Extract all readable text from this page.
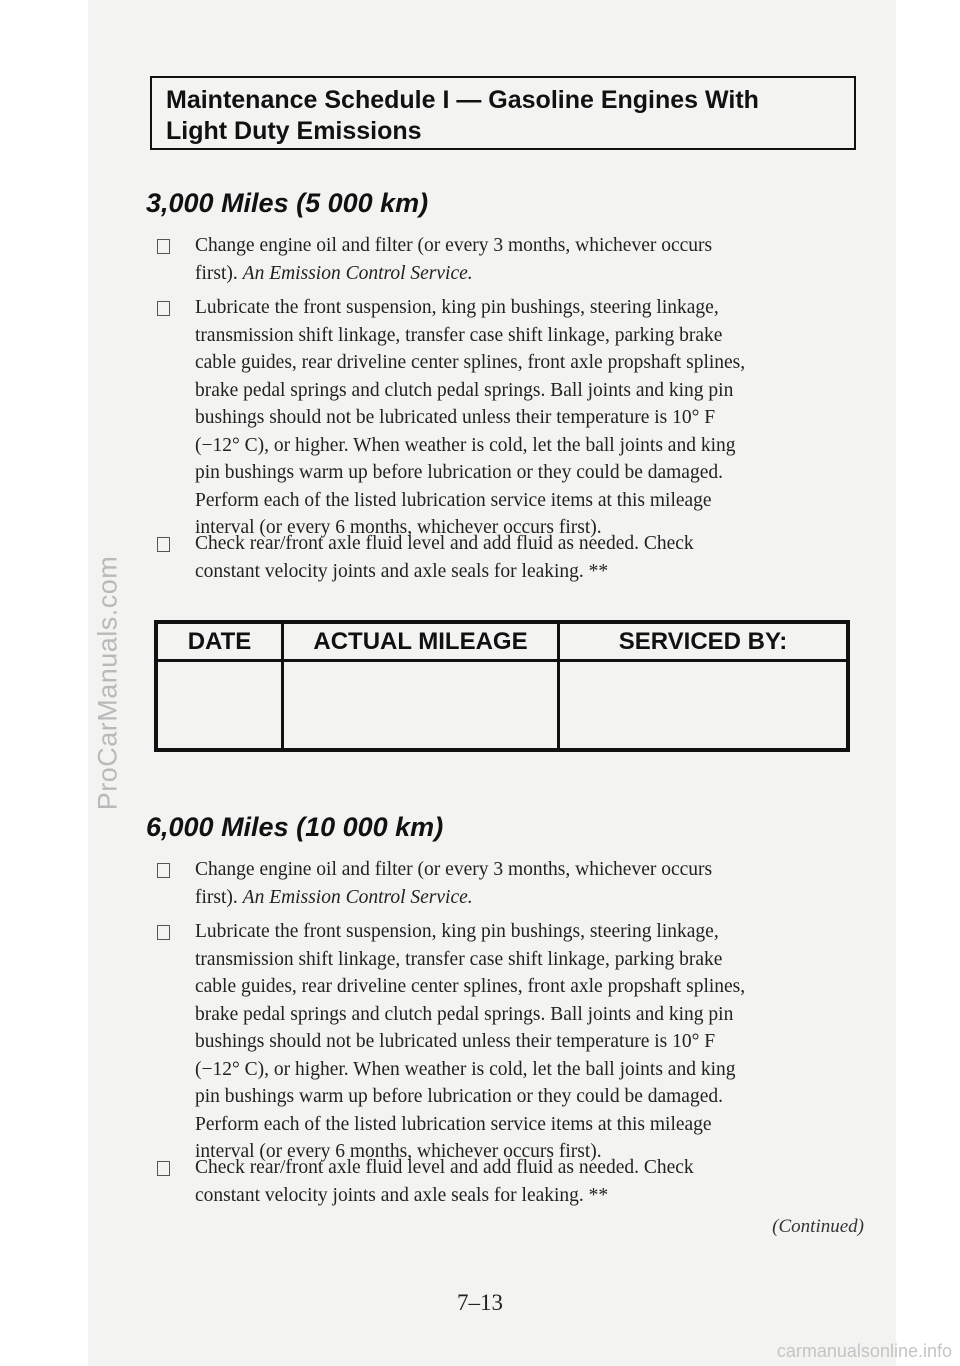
ProCarManuals.com
carmanualsonline.info
Maintenance Schedule I — Gasoline Engines With
Light Duty Emissions
3,000 Miles (5 000 km)
Change engine oil and filter (or every 3 months, whichever occurs
first). An Emission Control Service.
Lubricate the front suspension, king pin bushings, steering linkage,
transmission shift linkage, transfer case shift linkage, parking brake
cable guides, rear driveline center splines, front axle propshaft splines,
brake pedal springs and clutch pedal springs. Ball joints and king pin
bushings should not be lubricated unless their temperature is 10° F
(−12° C), or higher. When weather is cold, let the ball joints and king
pin bushings warm up before lubrication or they could be damaged.
Perform each of the listed lubrication service items at this mileage
interval (or every 6 months, whichever occurs first).
Check rear/front axle fluid level and add fluid as needed. Check
constant velocity joints and axle seals for leaking. **
DATE	ACTUAL MILEAGE	SERVICED BY:
6,000 Miles (10 000 km)
Change engine oil and filter (or every 3 months, whichever occurs
first). An Emission Control Service.
Lubricate the front suspension, king pin bushings, steering linkage,
transmission shift linkage, transfer case shift linkage, parking brake
cable guides, rear driveline center splines, front axle propshaft splines,
brake pedal springs and clutch pedal springs. Ball joints and king pin
bushings should not be lubricated unless their temperature is 10° F
(−12° C), or higher. When weather is cold, let the ball joints and king
pin bushings warm up before lubrication or they could be damaged.
Perform each of the listed lubrication service items at this mileage
interval (or every 6 months, whichever occurs first).
Check rear/front axle fluid level and add fluid as needed. Check
constant velocity joints and axle seals for leaking. **
(Continued)
7–13
